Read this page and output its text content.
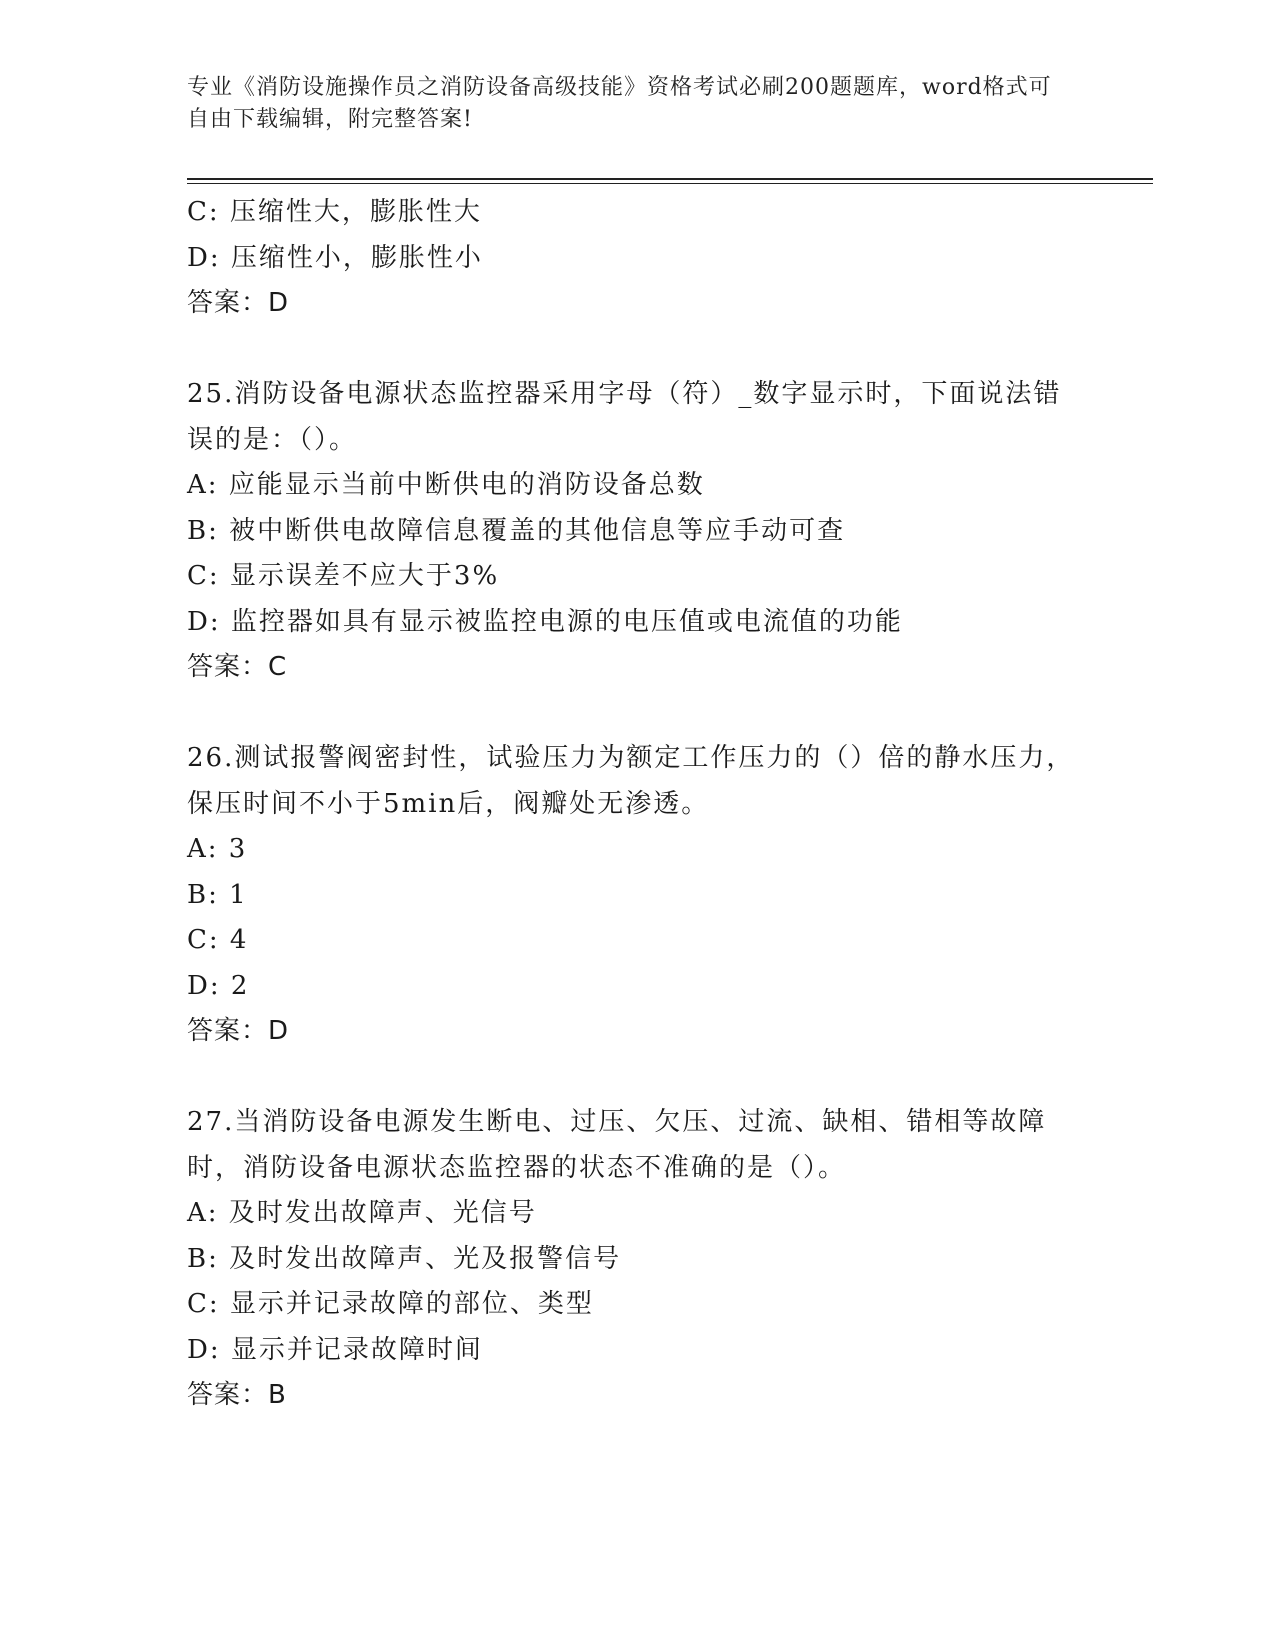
专业《消防设施操作员之消防设备高级技能》资格考试必刷200题题库，word格式可自由下载编辑，附完整答案!
C: 压缩性大，膨胀性大
D: 压缩性小，膨胀性小
答案：D
25.消防设备电源状态监控器采用字母（符）_数字显示时，下面说法错误的是：（）。
A: 应能显示当前中断供电的消防设备总数
B: 被中断供电故障信息覆盖的其他信息等应手动可查
C: 显示误差不应大于3%
D: 监控器如具有显示被监控电源的电压值或电流值的功能
答案：C
26.测试报警阀密封性，试验压力为额定工作压力的（）倍的静水压力，保压时间不小于5min后，阀瓣处无渗透。
A: 3
B: 1
C: 4
D: 2
答案：D
27.当消防设备电源发生断电、过压、欠压、过流、缺相、错相等故障时，消防设备电源状态监控器的状态不准确的是（）。
A: 及时发出故障声、光信号
B: 及时发出故障声、光及报警信号
C: 显示并记录故障的部位、类型
D: 显示并记录故障时间
答案：B
